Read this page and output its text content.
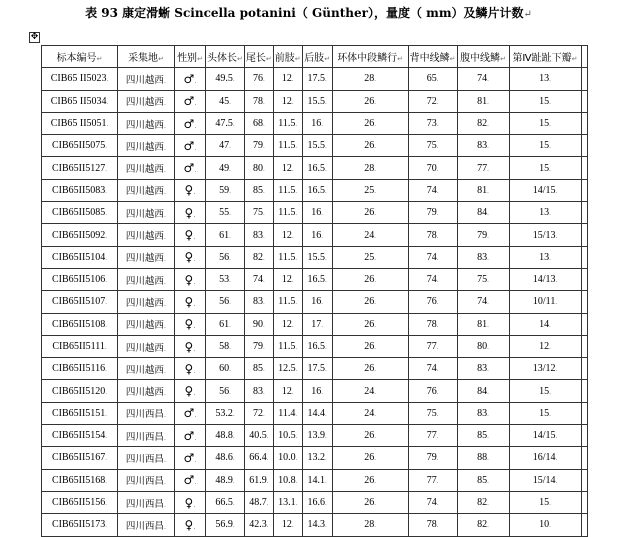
表 93 康定滑蜥 Scincella potanini（ Günther），量度（ mm）及鳞片计数↵
✥
标本编号↵	采集地↵	性别↵	头体长↵	尾长↵	前肢↵	后肢↵	环体中段鳞行↵	背中线鳞↵	腹中线鳞↵	第Ⅳ趾趾下瓣↵	
CIB65 II5023.	四川越西.	♂.	49.5.	76.	12.	17.5.	28.	65.	74.	13.	
CIB65 II5034.	四川越西.	♂.	45.	78.	12.	15.5.	26.	72.	81.	15.	
CIB65 II5051.	四川越西.	♂.	47.5.	68.	11.5.	16.	26.	73.	82.	15.	
CIB65II5075.	四川越西.	♂.	47.	79.	11.5.	15.5.	26.	75.	83.	15.	
CIB65II5127.	四川越西.	♂.	49.	80.	12.	16.5.	28.	70.	77.	15.	
CIB65II5083.	四川越西.	♀.	59.	85.	11.5.	16.5.	25.	74.	81.	14/15.	
CIB65II5085.	四川越西.	♀.	55.	75.	11.5.	16.	26.	79.	84.	13.	
CIB65II5092.	四川越西.	♀.	61.	83.	12.	16.	24.	78.	79.	15/13.	
CIB65II5104.	四川越西.	♀.	56.	82.	11.5.	15.5.	25.	74.	83.	13.	
CIB65II5106.	四川越西.	♀.	53.	74.	12.	16.5.	26.	74.	75.	14/13.	
CIB65II5107.	四川越西.	♀.	56.	83.	11.5.	16.	26.	76.	74.	10/11.	
CIB65II5108.	四川越西.	♀.	61.	90.	12.	17.	26.	78.	81.	14.	
CIB65II5111.	四川越西.	♀.	58.	79.	11.5.	16.5.	26.	77.	80.	12.	
CIB65II5116.	四川越西.	♀.	60.	85.	12.5.	17.5.	26.	74.	83.	13/12.	
CIB65II5120.	四川越西.	♀.	56.	83.	12.	16.	24.	76.	84.	15.	
CIB65II5151.	四川西昌.	♂.	53.2.	72.	11.4.	14.4.	24.	75.	83.	15.	
CIB65II5154.	四川西昌.	♂.	48.8.	40.5.	10.5.	13.9.	26.	77.	85.	14/15.	
CIB65II5167.	四川西昌.	♂.	48.6.	66.4.	10.0.	13.2.	26.	79.	88.	16/14.	
CIB65II5168.	四川西昌.	♂.	48.9.	61.9.	10.8.	14.1.	26.	77.	85.	15/14.	
CIB65II5156.	四川西昌.	♀.	66.5.	48.7.	13.1.	16.6.	26.	74.	82.	15.	
CIB65II5173.	四川西昌.	♀.	56.9.	42.3.	12.	14.3.	28.	78.	82.	10.	
